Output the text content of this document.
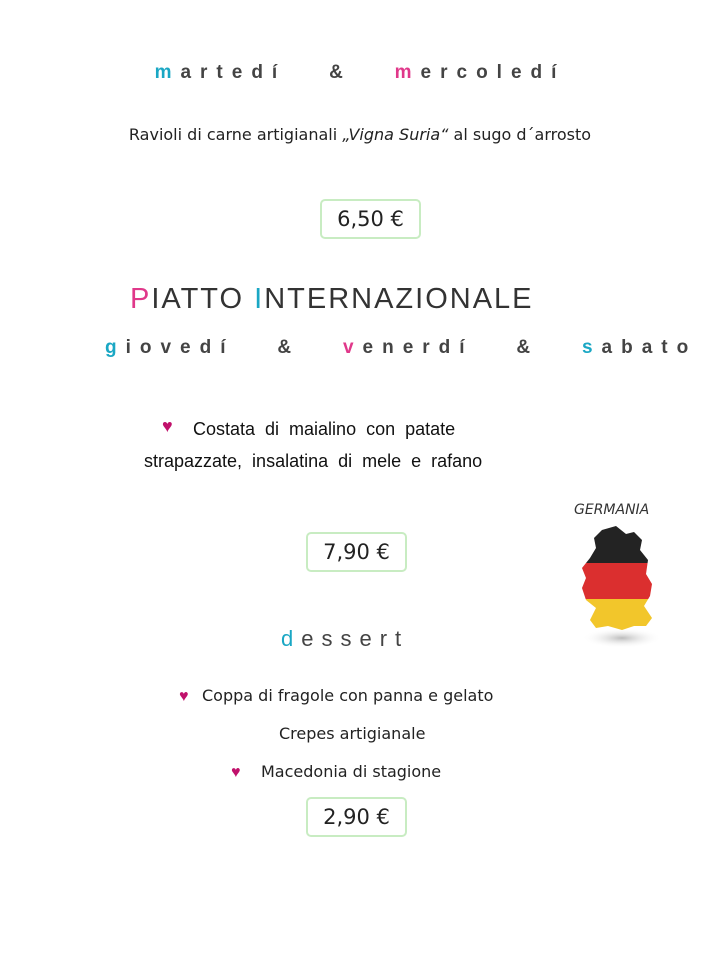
martedí & mercoledí
Ravioli di carne artigianali „Vigna Suria“ al sugo d´arrosto
6,50 €
PIATTO INTERNAZIONALE
giovedí & venerdí & sabato
♥ Costata  di  maialino  con  patate
strapazzate,  insalatina  di  mele  e  rafano
GERMANIA
7,90 €
dessert
♥ Coppa di fragole con panna e gelato
Crepes artigianale
♥ Macedonia di stagione
2,90 €
